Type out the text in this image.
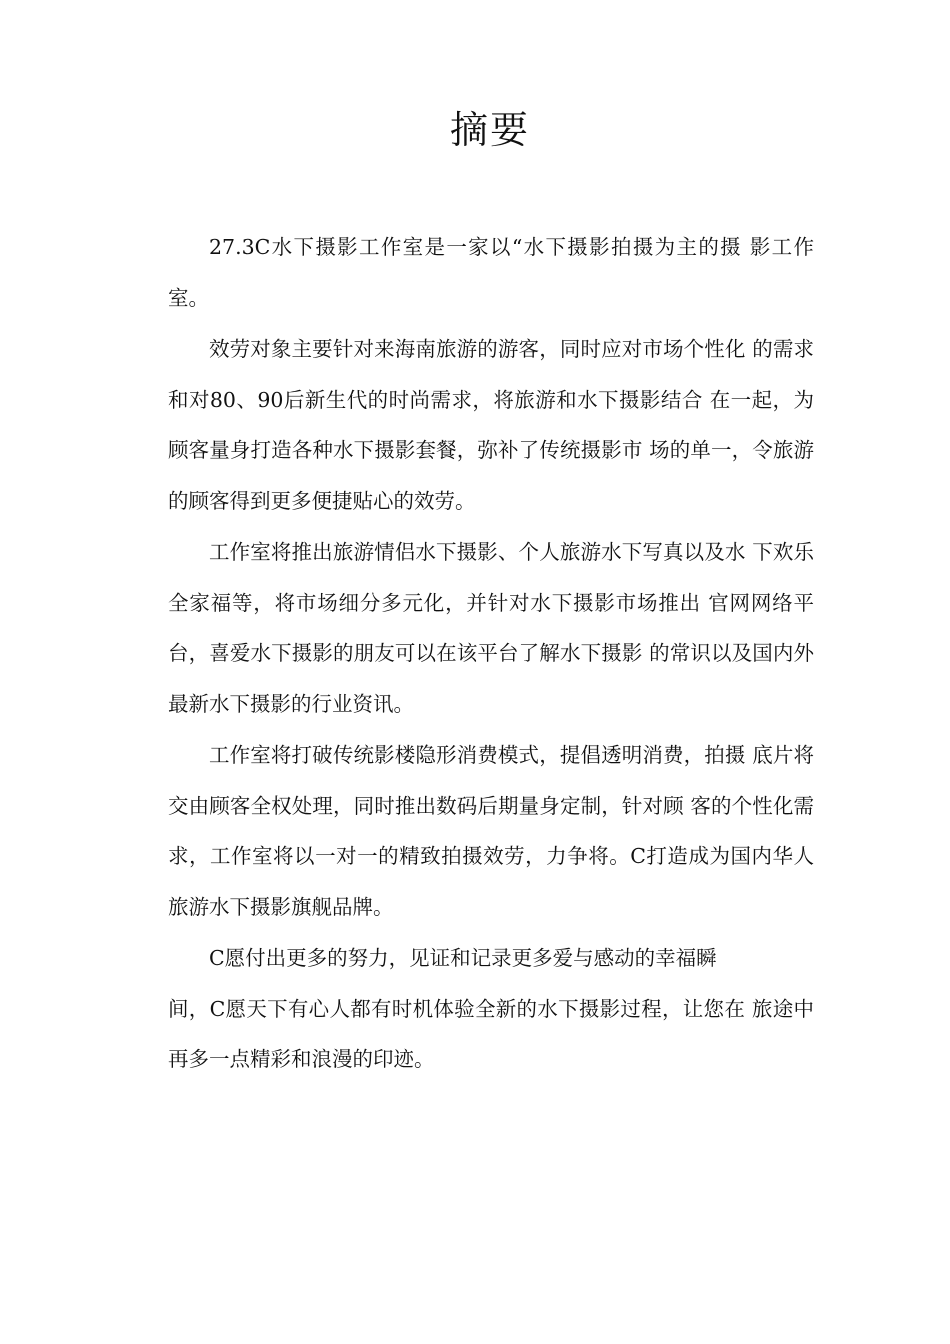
摘要

27.3C水下摄影工作室是一家以“水下摄影拍摄为主的摄 影工作室。

效劳对象主要针对来海南旅游的游客，同时应对市场个性化 的需求和对80、90后新生代的时尚需求，将旅游和水下摄影结合 在一起，为顾客量身打造各种水下摄影套餐，弥补了传统摄影市 场的单一，令旅游的顾客得到更多便捷贴心的效劳。

工作室将推出旅游情侣水下摄影、个人旅游水下写真以及水 下欢乐全家福等，将市场细分多元化，并针对水下摄影市场推出 官网网络平台，喜爱水下摄影的朋友可以在该平台了解水下摄影 的常识以及国内外最新水下摄影的行业资讯。

工作室将打破传统影楼隐形消费模式，提倡透明消费，拍摄 底片将交由顾客全权处理，同时推出数码后期量身定制，针对顾 客的个性化需求，工作室将以一对一的精致拍摄效劳，力争将。C打造成为国内华人旅游水下摄影旗舰品牌。

C愿付出更多的努力，见证和记录更多爱与感动的幸福瞬

间，C愿天下有心人都有时机体验全新的水下摄影过程，让您在 旅途中再多一点精彩和浪漫的印迹。
